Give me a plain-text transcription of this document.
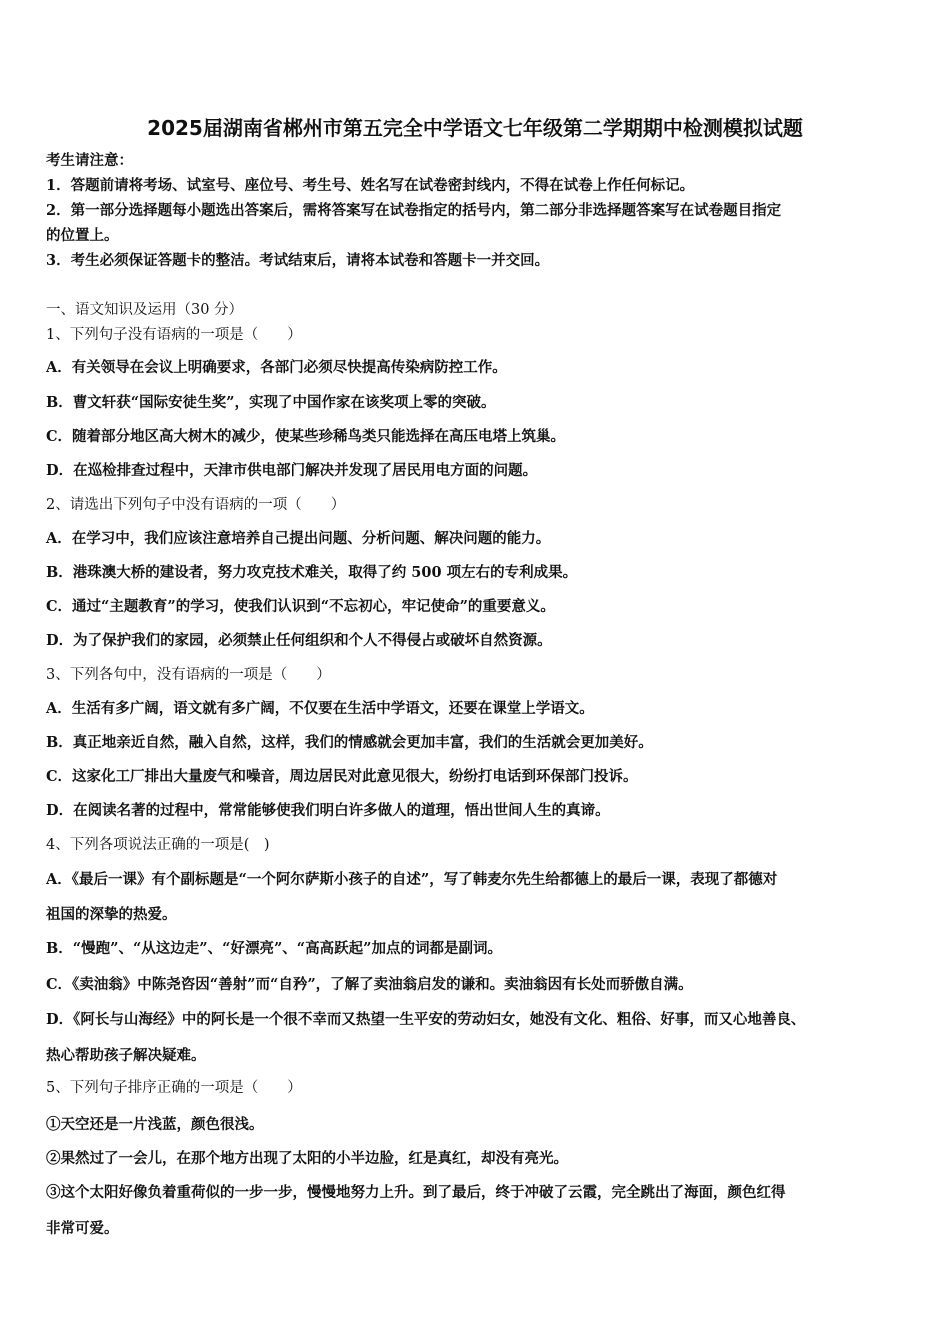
2025届湖南省郴州市第五完全中学语文七年级第二学期期中检测模拟试题
考生请注意：
1．答题前请将考场、试室号、座位号、考生号、姓名写在试卷密封线内，不得在试卷上作任何标记。
2．第一部分选择题每小题选出答案后，需将答案写在试卷指定的括号内，第二部分非选择题答案写在试卷题目指定
的位置上。
3．考生必须保证答题卡的整洁。考试结束后，请将本试卷和答题卡一并交回。
一、语文知识及运用（30 分）
1、下列句子没有语病的一项是（　　）
A．有关领导在会议上明确要求，各部门必须尽快提高传染病防控工作。
B．曹文轩获“国际安徒生奖”，实现了中国作家在该奖项上零的突破。
C．随着部分地区高大树木的减少，使某些珍稀鸟类只能选择在高压电塔上筑巢。
D．在巡检排查过程中，天津市供电部门解决并发现了居民用电方面的问题。
2、请选出下列句子中没有语病的一项（　　）
A．在学习中，我们应该注意培养自己提出问题、分析问题、解决问题的能力。
B．港珠澳大桥的建设者，努力攻克技术难关，取得了约 500 项左右的专利成果。
C．通过“主题教育”的学习，使我们认识到“不忘初心，牢记使命”的重要意义。
D．为了保护我们的家园，必须禁止任何组织和个人不得侵占或破坏自然资源。
3、下列各句中，没有语病的一项是（　　）
A．生活有多广阔，语文就有多广阔，不仅要在生活中学语文，还要在课堂上学语文。
B．真正地亲近自然，融入自然，这样，我们的情感就会更加丰富，我们的生活就会更加美好。
C．这家化工厂排出大量废气和噪音，周边居民对此意见很大，纷纷打电话到环保部门投诉。
D．在阅读名著的过程中，常常能够使我们明白许多做人的道理，悟出世间人生的真谛。
4、下列各项说法正确的一项是(　)
A．《最后一课》有个副标题是“一个阿尔萨斯小孩子的自述”，写了韩麦尔先生给都德上的最后一课，表现了都德对
祖国的深挚的热爱。
B．“慢跑”、“从这边走”、“好漂亮”、“高高跃起”加点的词都是副词。
C．《卖油翁》中陈尧咨因“善射”而“自矜”，了解了卖油翁启发的谦和。卖油翁因有长处而骄傲自满。
D．《阿长与山海经》中的阿长是一个很不幸而又热望一生平安的劳动妇女，她没有文化、粗俗、好事，而又心地善良、
热心帮助孩子解决疑难。
5、下列句子排序正确的一项是（　　）
①天空还是一片浅蓝，颜色很浅。
②果然过了一会儿，在那个地方出现了太阳的小半边脸，红是真红，却没有亮光。
③这个太阳好像负着重荷似的一步一步，慢慢地努力上升。到了最后，终于冲破了云霞，完全跳出了海面，颜色红得
非常可爱。
